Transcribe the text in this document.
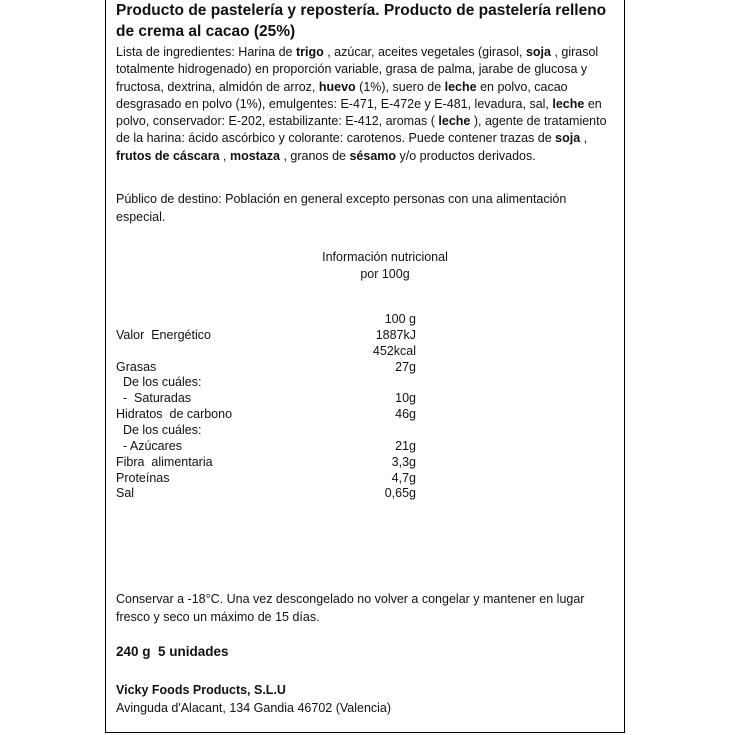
Producto de pastelería y repostería. Producto de pastelería relleno de crema al cacao (25%)

Lista de ingredientes: Harina de trigo , azúcar, aceites vegetales (girasol, soja , girasol totalmente hidrogenado) en proporción variable, grasa de palma, jarabe de glucosa y fructosa, dextrina, almidón de arroz, huevo (1%), suero de leche en polvo, cacao desgrasado en polvo (1%), emulgentes: E-471, E-472e y E-481, levadura, sal, leche en polvo, conservador: E-202, estabilizante: E-412, aromas ( leche ), agente de tratamiento de la harina: ácido ascórbico y colorante: carotenos. Puede contener trazas de soja , frutos de cáscara , mostaza , granos de sésamo y/o productos derivados.

Público de destino: Población en general excepto personas con una alimentación especial.

Información nutricional
por 100g
100 g
Valor  Energético	1887kJ
452kcal
Grasas	27g
De los cuáles:
-  Saturadas	10g
Hidratos  de carbono	46g
De los cuáles:
- Azúcares	21g
Fibra  alimentaria	3,3g
Proteínas	4,7g
Sal	0,65g

Conservar a -18°C. Una vez descongelado no volver a congelar y mantener en lugar fresco y seco un máximo de 15 días.

240 g  5 unidades

Vicky Foods Products, S.L.U

Avinguda d'Alacant, 134 Gandia 46702 (Valencia)
